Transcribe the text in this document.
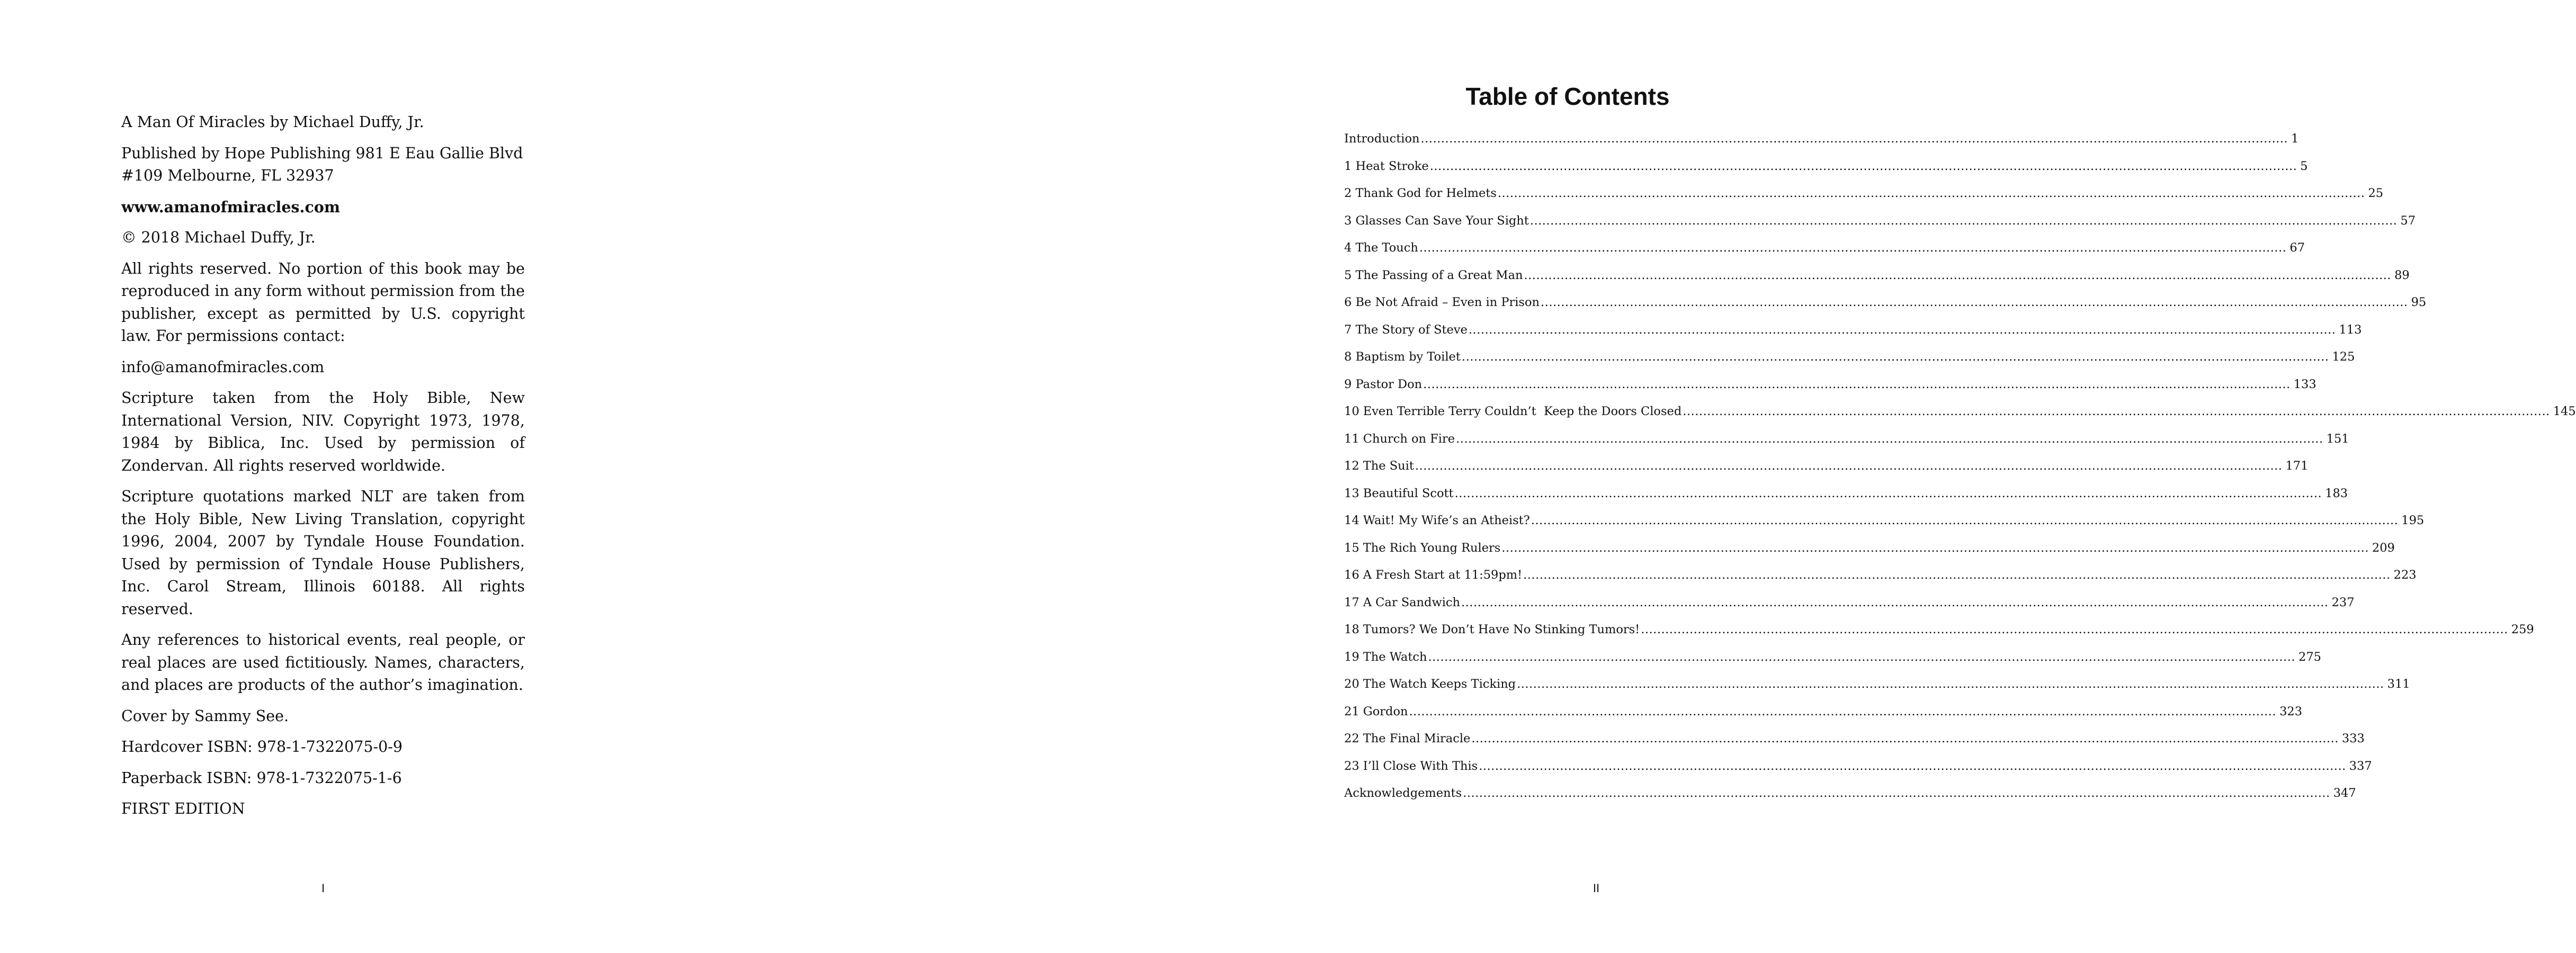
A Man Of Miracles by Michael Duffy, Jr.

Published by Hope Publishing 981 E Eau Gallie Blvd #109 Melbourne, FL 32937

www.amanofmiracles.com

© 2018 Michael Duffy, Jr.

All rights reserved. No portion of this book may be reproduced in any form without permission from the publisher, except as permitted by U.S. copyright law. For permissions contact:

info@amanofmiracles.com

Scripture taken from the Holy Bible, New International Version, NIV. Copyright 1973, 1978, 1984 by Biblica, Inc. Used by permission of Zondervan. All rights reserved worldwide.

Scripture quotations marked NLT are taken from the Holy Bible, New Living Translation, copyright 1996, 2004, 2007 by Tyndale House Foundation. Used by permission of Tyndale House Publishers, Inc. Carol Stream, Illinois 60188. All rights reserved.

Any references to historical events, real people, or real places are used fictitiously. Names, characters, and places are products of the author’s imagination.

Cover by Sammy See.

Hardcover ISBN: 978-1-7322075-0-9

Paperback ISBN: 978-1-7322075-1-6

FIRST EDITION

I
Table of Contents
Introduction .....	1
1 Heat Stroke .....	5
2 Thank God for Helmets .....	25
3 Glasses Can Save Your Sight .....	57
4 The Touch .....	67
5 The Passing of a Great Man .....	89
6 Be Not Afraid – Even in Prison .....	95
7 The Story of Steve .....	113
8 Baptism by Toilet .....	125
9 Pastor Don .....	133
10 Even Terrible Terry Couldn’t  Keep the Doors Closed .....	145
11 Church on Fire .....	151
12 The Suit .....	171
13 Beautiful Scott .....	183
14 Wait! My Wife’s an Atheist? .....	195
15 The Rich Young Rulers .....	209
16 A Fresh Start at 11:59pm! .....	223
17 A Car Sandwich .....	237
18 Tumors? We Don’t Have No Stinking Tumors! .....	259
19 The Watch .....	275
20 The Watch Keeps Ticking .....	311
21 Gordon .....	323
22 The Final Miracle .....	333
23 I’ll Close With This .....	337
Acknowledgements .....	347
II
